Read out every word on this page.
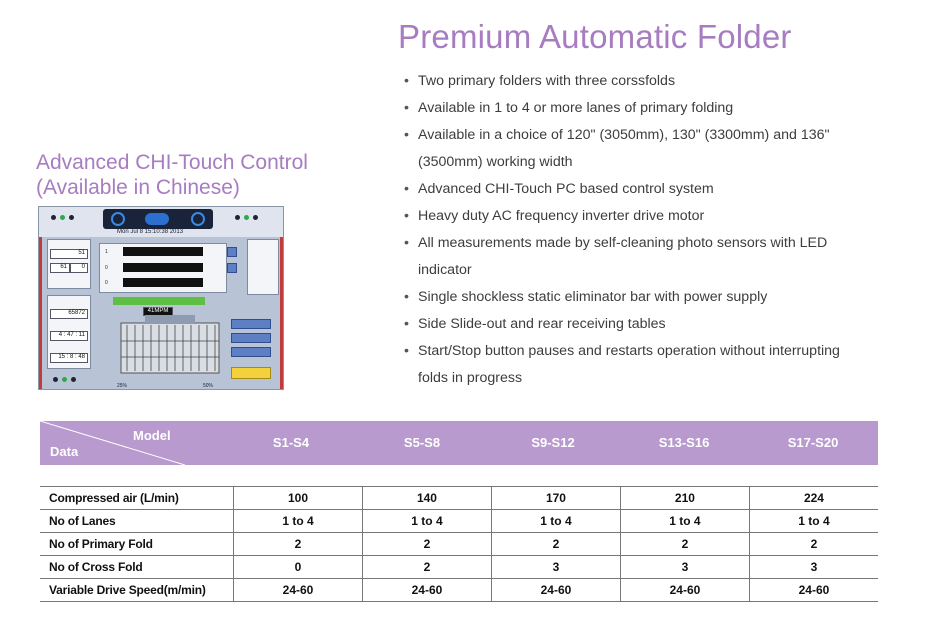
Premium Automatic Folder
Advanced CHI-Touch Control
(Available in Chinese)
• Two primary folders with three corssfolds
• Available in 1 to 4 or more lanes of primary folding
• Available in a choice of 120" (3050mm), 130" (3300mm) and 136" (3500mm) working width
• Advanced CHI-Touch PC based control system
• Heavy duty AC frequency inverter drive motor
• All measurements made by self-cleaning photo sensors with LED indicator
• Single shockless static eliminator bar with power supply
• Side Slide-out and rear receiving tables
• Start/Stop button pauses and restarts operation without interrupting folds in progress
Mon Jul 8 15:10:38 2013
51
61	0
65872
4 : 47 : 11
15 : 8 : 48
1
0
0
41MPM
25%	50%
Model
Data
S1-S4	S5-S8	S9-S12	S13-S16	S17-S20
Compressed air (L/min)	100	140	170	210	224
No of Lanes	1 to 4	1 to 4	1 to 4	1 to 4	1 to 4
No of Primary Fold	2	2	2	2	2
No of Cross Fold	0	2	3	3	3
Variable Drive Speed(m/min)	24-60	24-60	24-60	24-60	24-60
